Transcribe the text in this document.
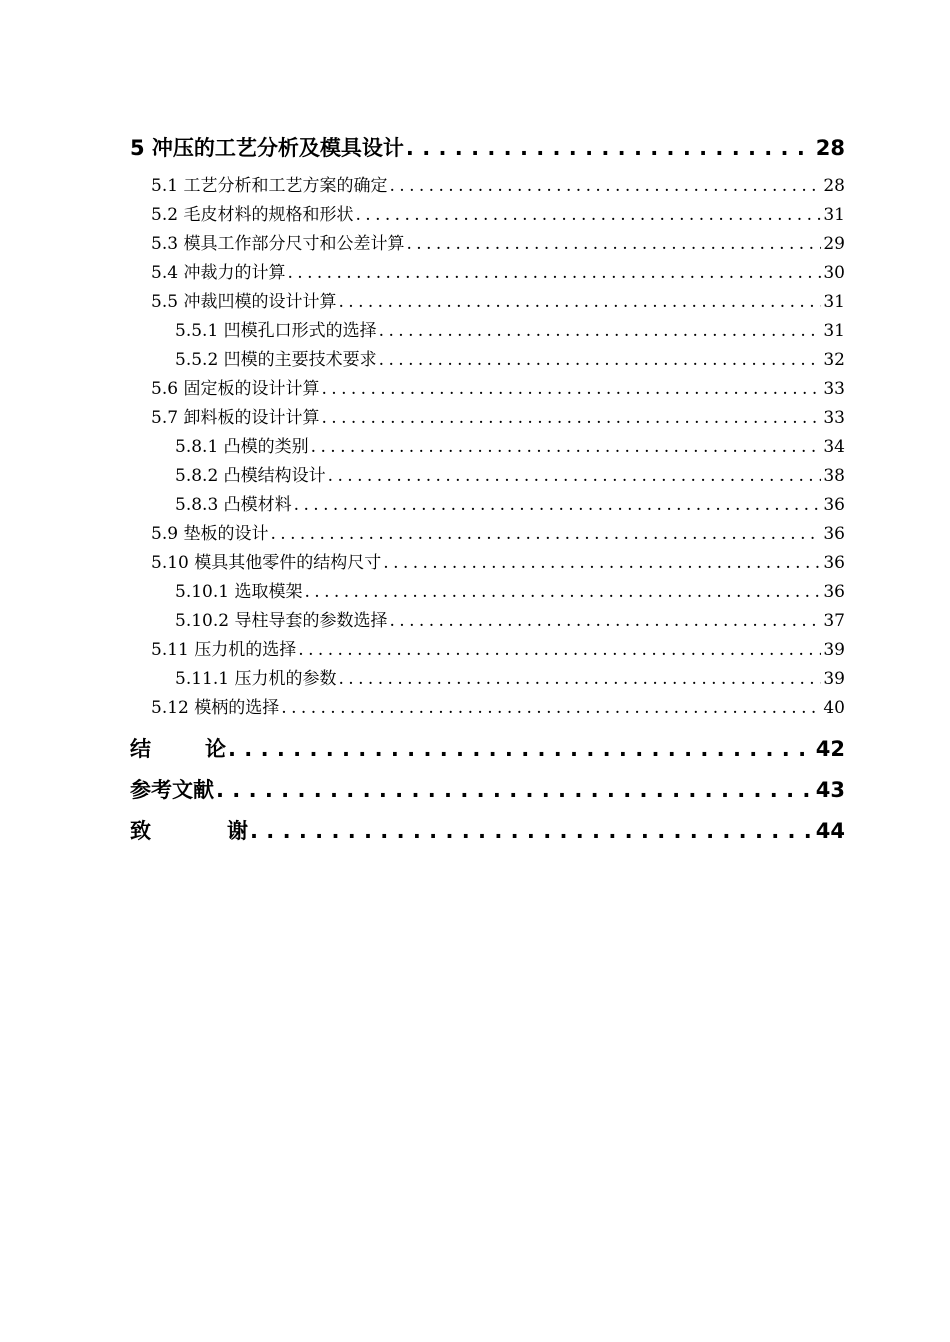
5 冲压的工艺分析及模具设计 . . .	28
5.1 工艺分析和工艺方案的确定 . . .	28
5.2 毛皮材料的规格和形状 . . .	31
5.3 模具工作部分尺寸和公差计算 . . .	29
5.4 冲裁力的计算 . . .	30
5.5 冲裁凹模的设计计算 . . .	31
5.5.1 凹模孔口形式的选择 . . .	31
5.5.2 凹模的主要技术要求 . . .	32
5.6 固定板的设计计算 . . .	33
5.7 卸料板的设计计算 . . .	33
5.8.1 凸模的类别 . . .	34
5.8.2 凸模结构设计 . . .	38
5.8.3 凸模材料 . . .	36
5.9 垫板的设计 . . .	36
5.10 模具其他零件的结构尺寸 . . .	36
5.10.1 选取模架 . . .	36
5.10.2 导柱导套的参数选择 . . .	37
5.11 压力机的选择 . . .	39
5.11.1 压力机的参数 . . .	39
5.12 模柄的选择 . . .	40
结 论 . . .	42
参考文献 . . .	43
致 谢 . . .	44
